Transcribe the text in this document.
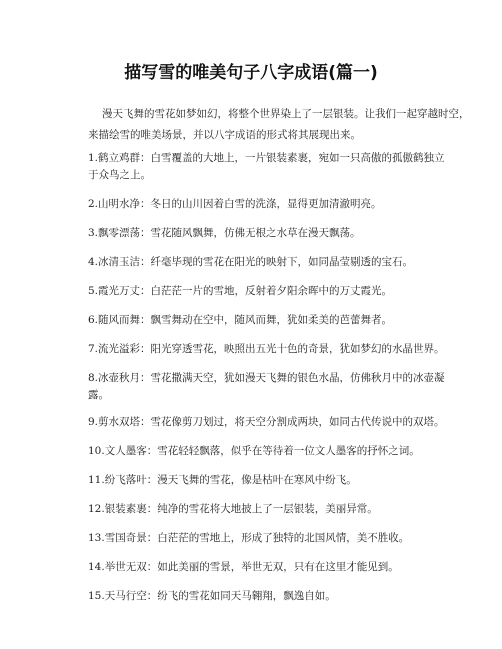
描写雪的唯美句子八字成语(篇一)

漫天飞舞的雪花如梦如幻，将整个世界染上了一层银装。让我们一起穿越时空，
来描绘雪的唯美场景，并以八字成语的形式将其展现出来。

1.鹤立鸡群：白雪覆盖的大地上，一片银装素裹，宛如一只高傲的孤傲鹤独立
于众鸟之上。

2.山明水净：冬日的山川因着白雪的洗涤，显得更加清澈明亮。

3.飘零漂荡：雪花随风飘舞，仿佛无根之水草在漫天飘荡。

4.冰清玉洁：纤毫毕现的雪花在阳光的映射下，如同晶莹剔透的宝石。

5.霞光万丈：白茫茫一片的雪地，反射着夕阳余晖中的万丈霞光。

6.随风而舞：飘雪舞动在空中，随风而舞，犹如柔美的芭蕾舞者。

7.流光溢彩：阳光穿透雪花，映照出五光十色的奇景，犹如梦幻的水晶世界。

8.冰壶秋月：雪花撒满天空，犹如漫天飞舞的银色水晶，仿佛秋月中的冰壶凝
露。

9.剪水双塔：雪花像剪刀划过，将天空分割成两块，如同古代传说中的双塔。

10.文人墨客：雪花轻轻飘落，似乎在等待着一位文人墨客的抒怀之词。

11.纷飞落叶：漫天飞舞的雪花，像是枯叶在寒风中纷飞。

12.银装素裹：纯净的雪花将大地披上了一层银装，美丽异常。

13.雪国奇景：白茫茫的雪地上，形成了独特的北国风情，美不胜收。

14.举世无双：如此美丽的雪景，举世无双，只有在这里才能见到。

15.天马行空：纷飞的雪花如同天马翱翔，飘逸自如。
